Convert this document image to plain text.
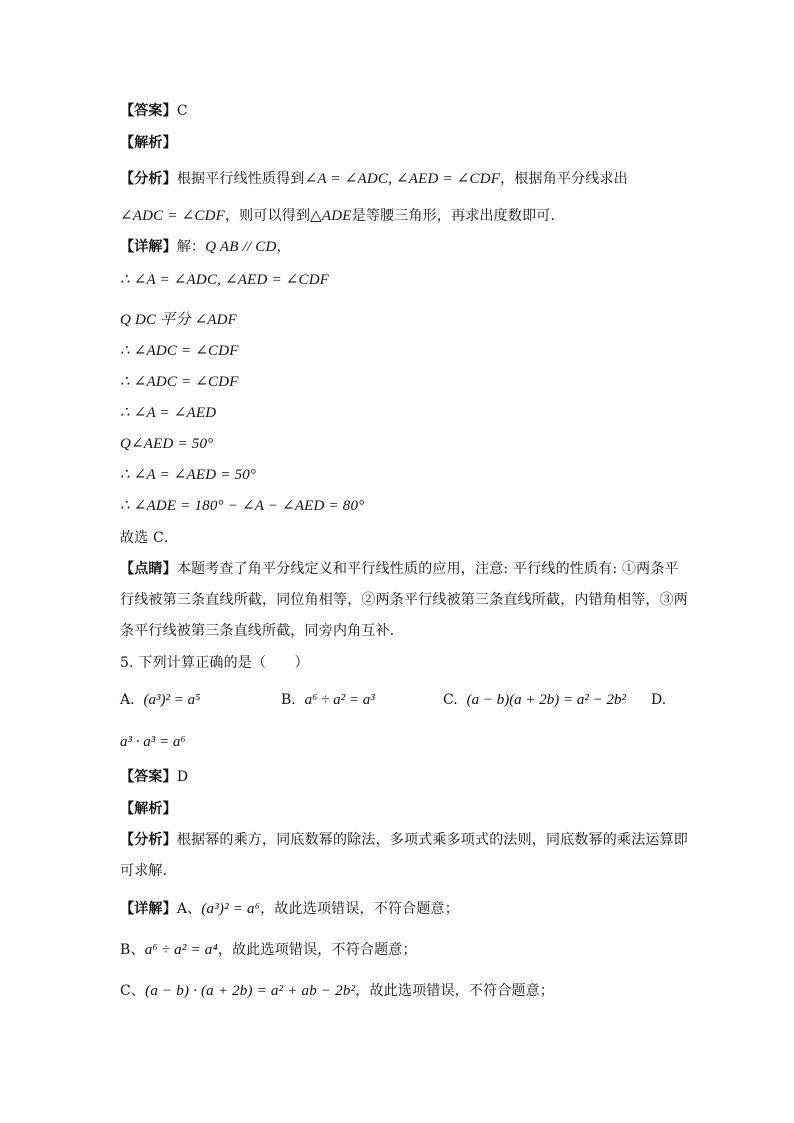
【答案】C
【解析】
【分析】根据平行线性质得到∠A = ∠ADC, ∠AED = ∠CDF，根据角平分线求出
∠ADC = ∠CDF，则可以得到△ADE是等腰三角形，再求出度数即可．
【详解】解：Q AB // CD，
∴ ∠A = ∠ADC, ∠AED = ∠CDF
Q DC 平分 ∠ADF
∴ ∠ADC = ∠CDF
∴ ∠ADC = ∠CDF
∴ ∠A = ∠AED
Q∠AED = 50°
∴ ∠A = ∠AED = 50°
∴ ∠ADE = 180° − ∠A − ∠AED = 80°
故选 C．
【点睛】本题考查了角平分线定义和平行线性质的应用，注意: 平行线的性质有: ①两条平
行线被第三条直线所截，同位角相等，②两条平行线被第三条直线所截，内错角相等，③两
条平行线被第三条直线所截，同旁内角互补．
5. 下列计算正确的是（　　）
A. (a³)² = a⁵	B. a⁶ ÷ a² = a³	C. (a − b)(a + 2b) = a² − 2b² D.
a³ · a³ = a⁶
【答案】D
【解析】
【分析】根据幂的乘方，同底数幂的除法，多项式乘多项式的法则，同底数幂的乘法运算即
可求解．
【详解】A、(a³)² = a⁶，故此选项错误，不符合题意；
B、a⁶ ÷ a² = a⁴，故此选项错误，不符合题意；
C、(a − b) · (a + 2b) = a² + ab − 2b²，故此选项错误，不符合题意；
